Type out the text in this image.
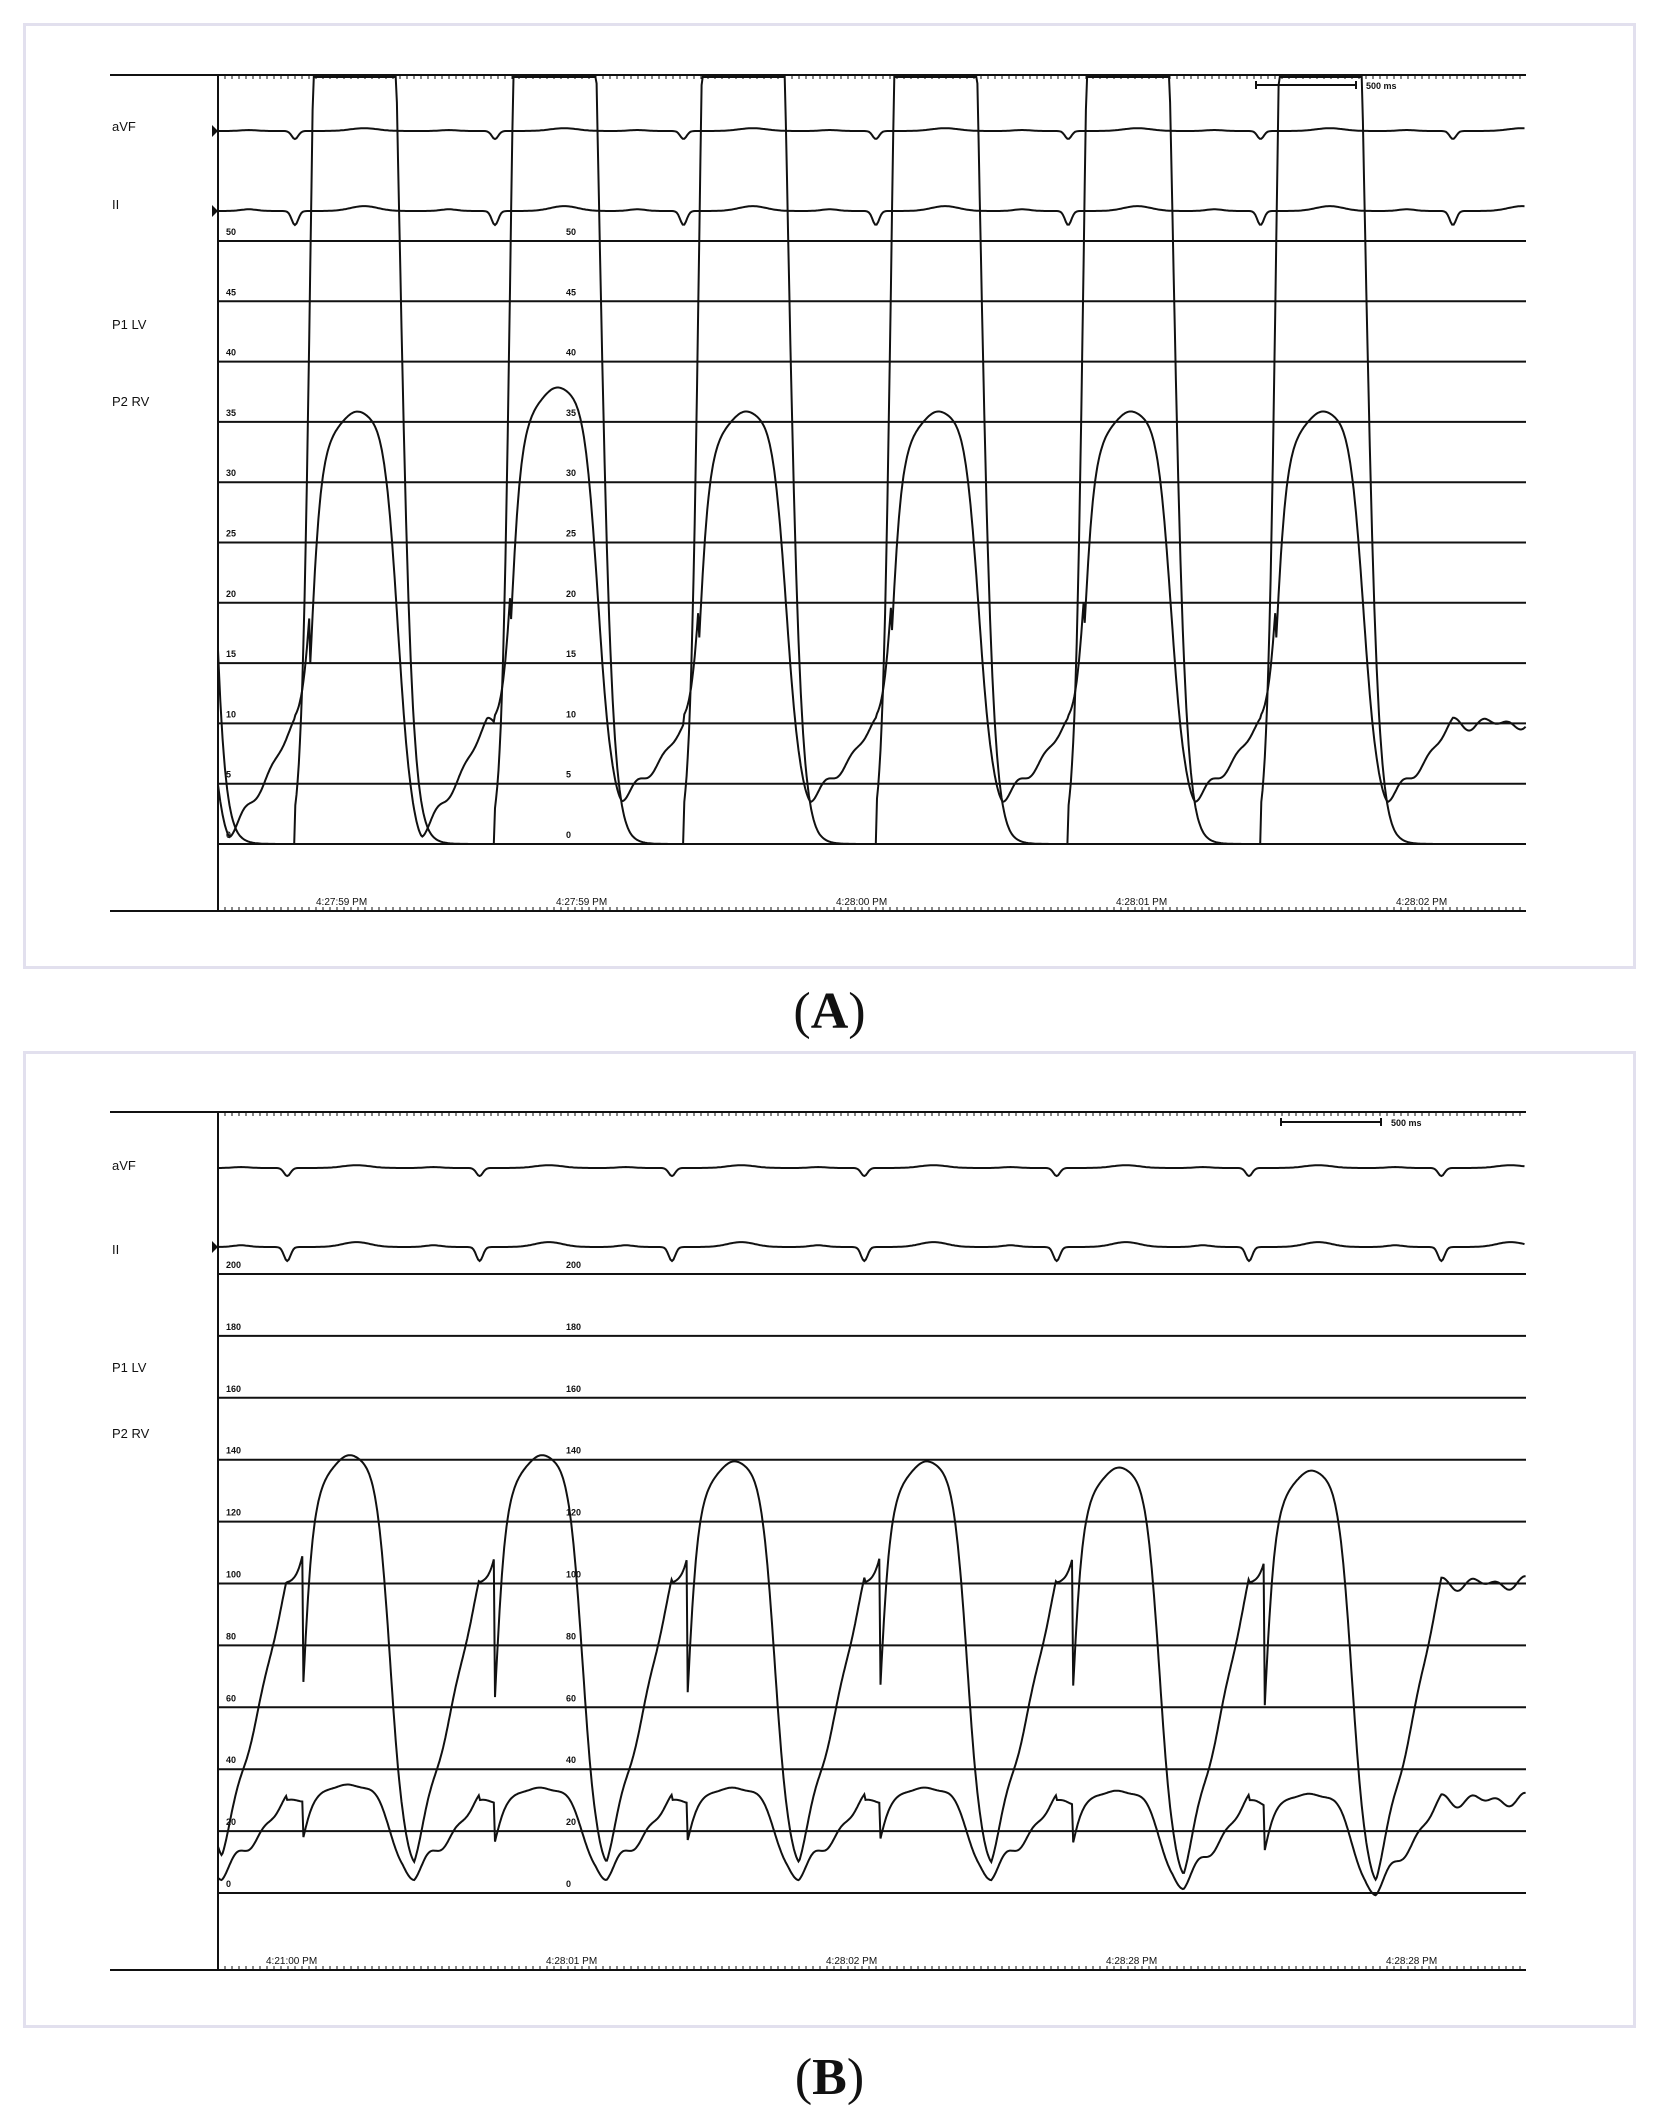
500 ms
0	0
5	5
10	10
15	15
20	20
25	25
30	30
35	35
40	40
45	45
50	50
aVF
II
P1 LV
P2 RV
4:27:59 PM	4:27:59 PM	4:28:00 PM	4:28:01 PM	4:28:02 PM
(A)
500 ms
0	0
20	20
40	40
60	60
80	80
100	100
120	120
140	140
160	160
180	180
200	200
aVF
II
P1 LV
P2 RV
4:21:00 PM	4:28:01 PM	4:28:02 PM	4:28:28 PM	4:28:28 PM
(B)
